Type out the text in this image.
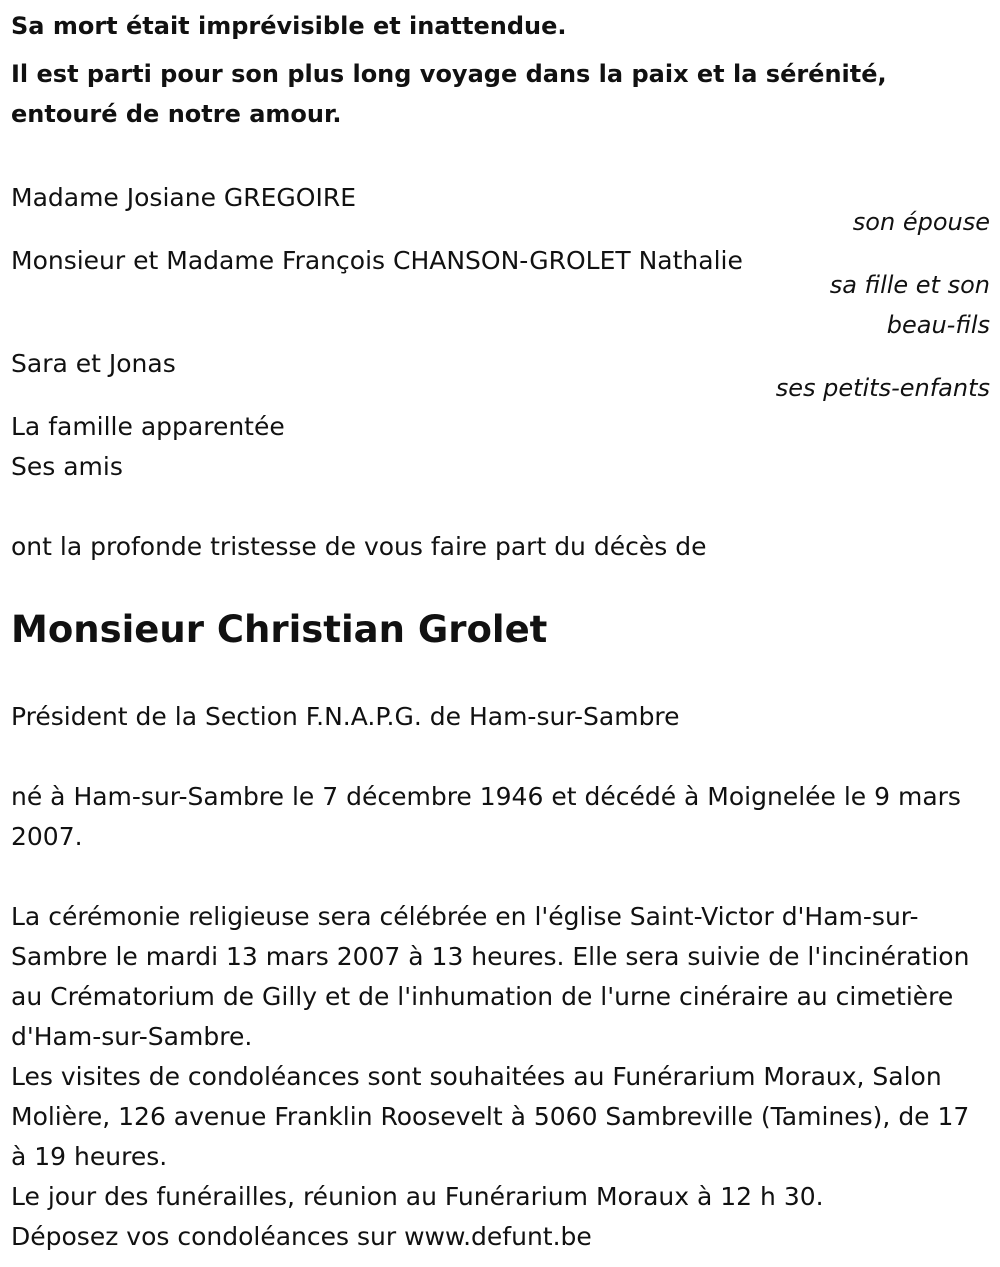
Sa mort était imprévisible et inattendue.

Il est parti pour son plus long voyage dans la paix et la sérénité, entouré de notre amour.

Madame Josiane GREGOIRE
son épouse
Monsieur et Madame François CHANSON-GROLET Nathalie
sa fille et son
beau-fils
Sara et Jonas
ses petits-enfants
La famille apparentée
Ses amis
ont la profonde tristesse de vous faire part du décès de
Monsieur Christian Grolet

Président de la Section F.N.A.P.G. de Ham-sur-Sambre

né à Ham-sur-Sambre le 7 décembre 1946 et décédé à Moignelée le 9 mars 2007.

La cérémonie religieuse sera célébrée en l'église Saint-Victor d'Ham-sur-Sambre le mardi 13 mars 2007 à 13 heures. Elle sera suivie de l'incinération au Crématorium de Gilly et de l'inhumation de l'urne cinéraire au cimetière d'Ham-sur-Sambre.

Les visites de condoléances sont souhaitées au Funérarium Moraux, Salon Molière, 126 avenue Franklin Roosevelt à 5060 Sambreville (Tamines), de 17 à 19 heures.

Le jour des funérailles, réunion au Funérarium Moraux à 12 h 30.

Déposez vos condoléances sur www.defunt.be
